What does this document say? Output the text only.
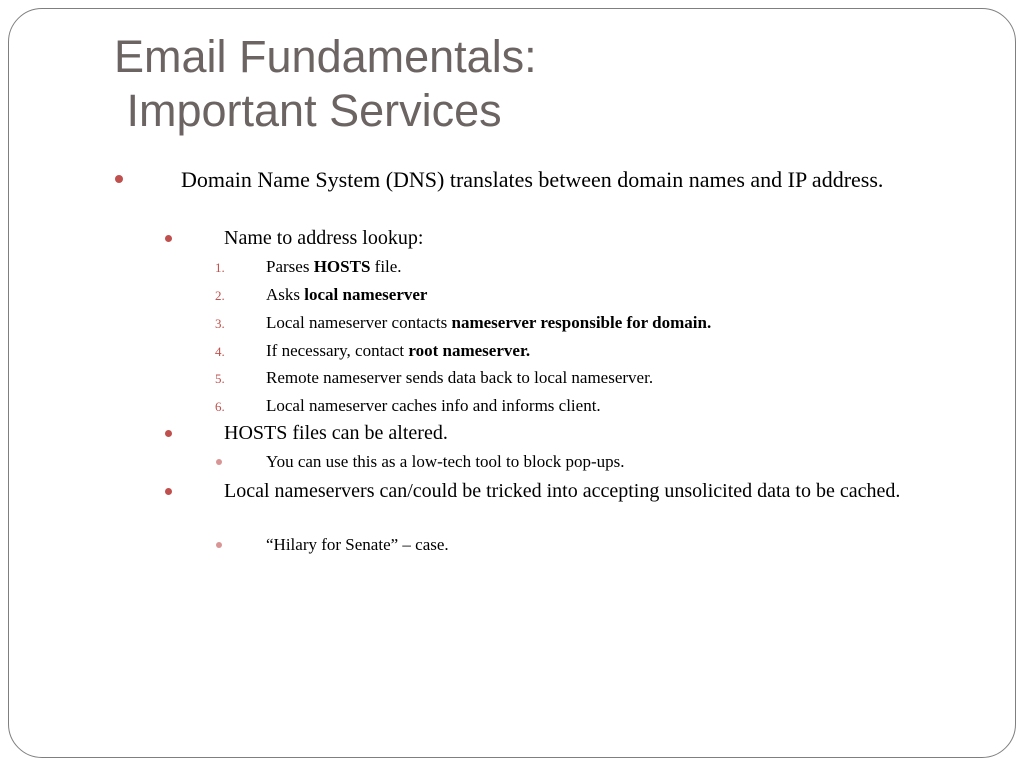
Email Fundamentals:
Important Services
Domain Name System (DNS) translates between domain names and IP address.
Name to address lookup:
1.	Parses HOSTS file.
2.	Asks local nameserver
3.	Local nameserver contacts nameserver responsible for domain.
4.	If necessary, contact root nameserver.
5.	Remote nameserver sends data back to local nameserver.
6.	Local nameserver caches info and informs client.
HOSTS files can be altered.
You can use this as a low-tech tool to block pop-ups.
Local nameservers can/could be tricked into accepting unsolicited data to be cached.
“Hilary for Senate” – case.
